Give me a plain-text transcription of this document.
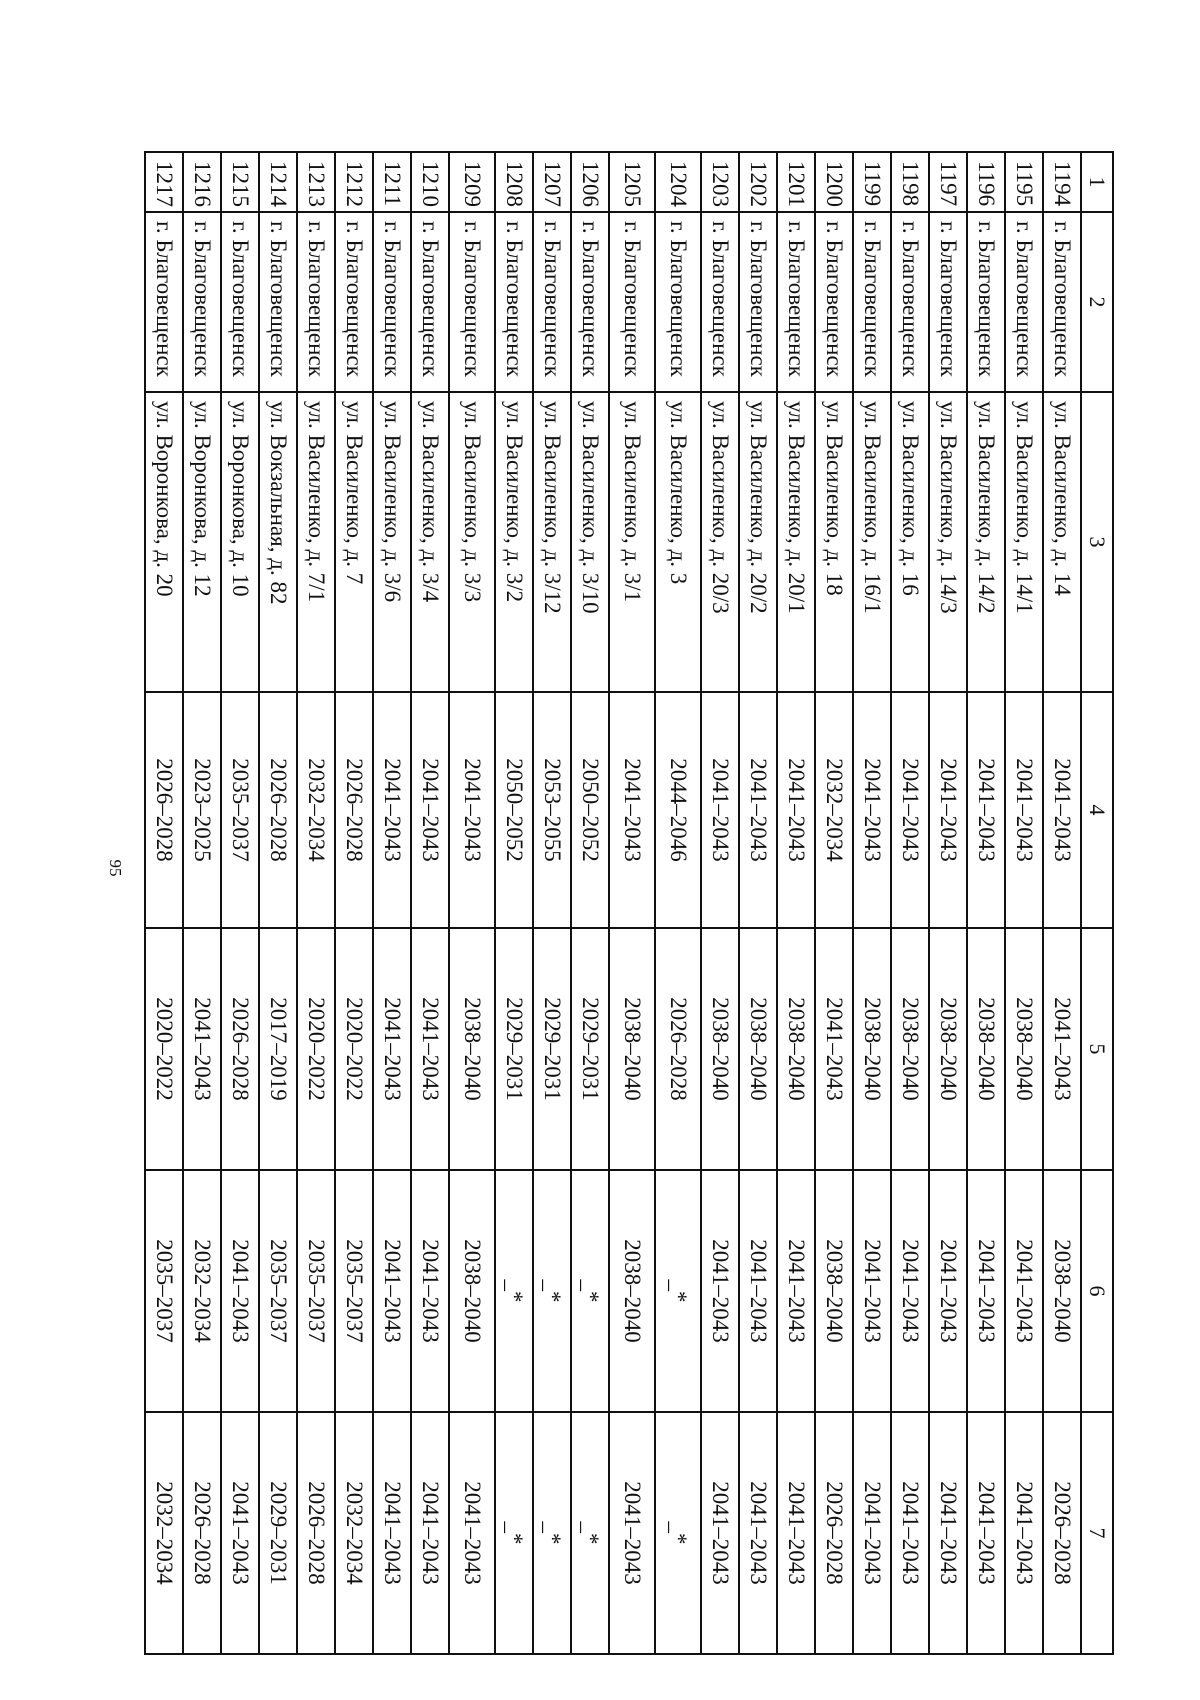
95
1	2	3	4	5	6	7
1194	г. Благовещенск	ул. Василенко, д. 14	2041–2043	2041–2043	2038–2040	2026–2028
1195	г. Благовещенск	ул. Василенко, д. 14/1	2041–2043	2038–2040	2041–2043	2041–2043
1196	г. Благовещенск	ул. Василенко, д. 14/2	2041–2043	2038–2040	2041–2043	2041–2043
1197	г. Благовещенск	ул. Василенко, д. 14/3	2041–2043	2038–2040	2041–2043	2041–2043
1198	г. Благовещенск	ул. Василенко, д. 16	2041–2043	2038–2040	2041–2043	2041–2043
1199	г. Благовещенск	ул. Василенко, д. 16/1	2041–2043	2038–2040	2041–2043	2041–2043
1200	г. Благовещенск	ул. Василенко, д. 18	2032–2034	2041–2043	2038–2040	2026–2028
1201	г. Благовещенск	ул. Василенко, д. 20/1	2041–2043	2038–2040	2041–2043	2041–2043
1202	г. Благовещенск	ул. Василенко, д. 20/2	2041–2043	2038–2040	2041–2043	2041–2043
1203	г. Благовещенск	ул. Василенко, д. 20/3	2041–2043	2038–2040	2041–2043	2041–2043
1204	г. Благовещенск	ул. Василенко, д. 3	2044–2046	2026–2028	_*	_*
1205	г. Благовещенск	ул. Василенко, д. 3/1	2041–2043	2038–2040	2038–2040	2041–2043
1206	г. Благовещенск	ул. Василенко, д. 3/10	2050–2052	2029–2031	_*	_*
1207	г. Благовещенск	ул. Василенко, д. 3/12	2053–2055	2029–2031	_*	_*
1208	г. Благовещенск	ул. Василенко, д. 3/2	2050–2052	2029–2031	_*	_*
1209	г. Благовещенск	ул. Василенко, д. 3/3	2041–2043	2038–2040	2038–2040	2041–2043
1210	г. Благовещенск	ул. Василенко, д. 3/4	2041–2043	2041–2043	2041–2043	2041–2043
1211	г. Благовещенск	ул. Василенко, д. 3/6	2041–2043	2041–2043	2041–2043	2041–2043
1212	г. Благовещенск	ул. Василенко, д. 7	2026–2028	2020–2022	2035–2037	2032–2034
1213	г. Благовещенск	ул. Василенко, д. 7/1	2032–2034	2020–2022	2035–2037	2026–2028
1214	г. Благовещенск	ул. Вокзальная, д. 82	2026–2028	2017–2019	2035–2037	2029–2031
1215	г. Благовещенск	ул. Воронкова, д. 10	2035–2037	2026–2028	2041–2043	2041–2043
1216	г. Благовещенск	ул. Воронкова, д. 12	2023–2025	2041–2043	2032–2034	2026–2028
1217	г. Благовещенск	ул. Воронкова, д. 20	2026–2028	2020–2022	2035–2037	2032–2034
